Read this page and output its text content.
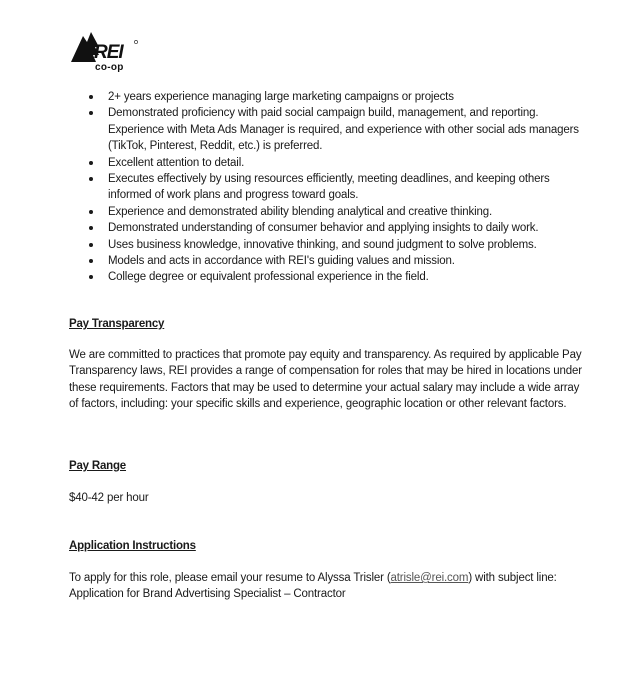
REI
co-op
2+ years experience managing large marketing campaigns or projects
Demonstrated proficiency with paid social campaign build, management, and reporting. Experience with Meta Ads Manager is required, and experience with other social ads managers (TikTok, Pinterest, Reddit, etc.) is preferred.
Excellent attention to detail.
Executes effectively by using resources efficiently, meeting deadlines, and keeping others informed of work plans and progress toward goals.
Experience and demonstrated ability blending analytical and creative thinking.
Demonstrated understanding of consumer behavior and applying insights to daily work.
Uses business knowledge, innovative thinking, and sound judgment to solve problems.
Models and acts in accordance with REI's guiding values and mission.
College degree or equivalent professional experience in the field.
Pay Transparency

We are committed to practices that promote pay equity and transparency. As required by applicable Pay Transparency laws, REI provides a range of compensation for roles that may be hired in locations under these requirements. Factors that may be used to determine your actual salary may include a wide array of factors, including: your specific skills and experience, geographic location or other relevant factors.

Pay Range
$40-42 per hour
Application Instructions

To apply for this role, please email your resume to Alyssa Trisler (atrisle@rei.com) with subject line: Application for Brand Advertising Specialist – Contractor
